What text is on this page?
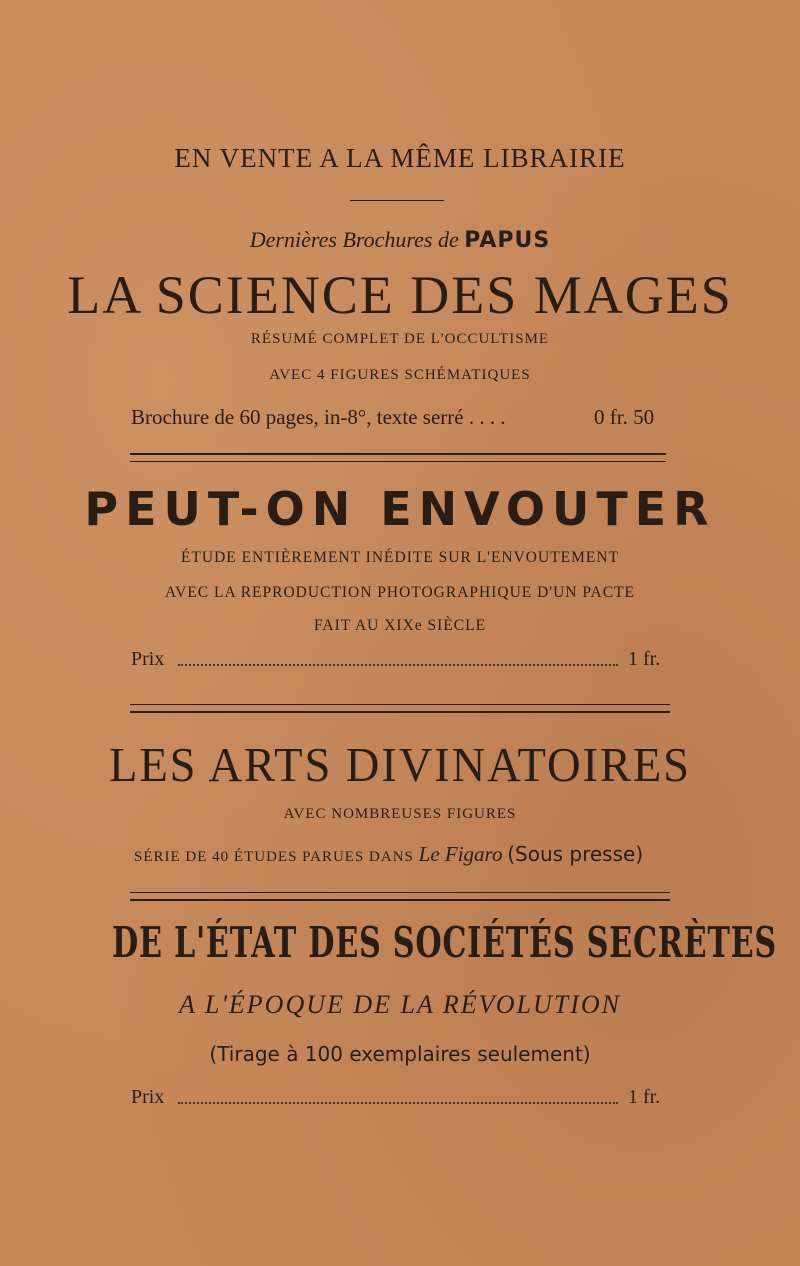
EN VENTE A LA MÊME LIBRAIRIE
Dernières Brochures de PAPUS
LA SCIENCE DES MAGES
RÉSUMÉ COMPLET DE L'OCCULTISME
AVEC 4 FIGURES SCHÉMATIQUES
Brochure de 60 pages, in-8°, texte serré . . . .	0 fr. 50
PEUT-ON ENVOUTER
ÉTUDE ENTIÈREMENT INÉDITE SUR L'ENVOUTEMENT
AVEC LA REPRODUCTION PHOTOGRAPHIQUE D'UN PACTE
FAIT AU XIXe SIÈCLE
Prix	1 fr.
LES ARTS DIVINATOIRES
AVEC NOMBREUSES FIGURES
SÉRIE DE 40 ÉTUDES PARUES DANS Le Figaro (Sous presse)
DE L'ÉTAT DES SOCIÉTÉS SECRÈTES
A L'ÉPOQUE DE LA RÉVOLUTION
(Tirage à 100 exemplaires seulement)
Prix	1 fr.
